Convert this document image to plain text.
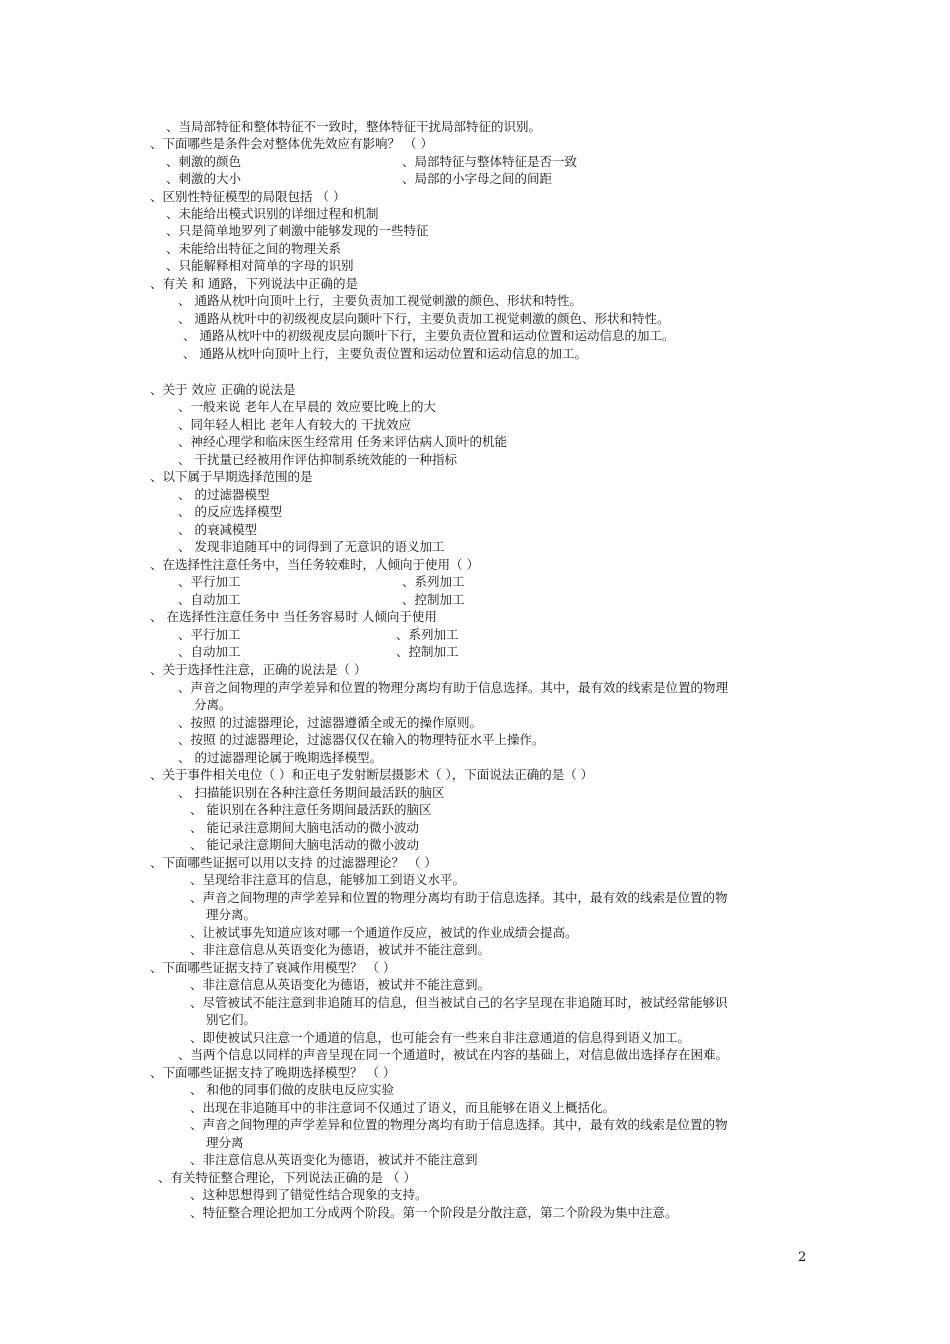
、当局部特征和整体特征不一致时，整体特征干扰局部特征的识别。
、下面哪些是条件会对整体优先效应有影响？ （ ）
、刺激的颜色	、局部特征与整体特征是否一致
、刺激的大小	、局部的小字母之间的间距
、区别性特征模型的局限包括 （ ）
、未能给出模式识别的详细过程和机制
、只是简单地罗列了刺激中能够发现的一些特征
、未能给出特征之间的物理关系
、只能解释相对简单的字母的识别
、有关 和 通路，下列说法中正确的是
、 通路从枕叶向顶叶上行，主要负责加工视觉刺激的颜色、形状和特性。
、 通路从枕叶中的初级视皮层向颞叶下行，主要负责加工视觉刺激的颜色、形状和特性。
、 通路从枕叶中的初级视皮层向颞叶下行，主要负责位置和运动位置和运动信息的加工。
、 通路从枕叶向顶叶上行，主要负责位置和运动位置和运动信息的加工。
、关于 效应 正确的说法是
、一般来说 老年人在早晨的 效应要比晚上的大
、同年轻人相比 老年人有较大的 干扰效应
、神经心理学和临床医生经常用 任务来评估病人顶叶的机能
、 干扰量已经被用作评估抑制系统效能的一种指标
、以下属于早期选择范围的是
、 的过滤器模型
、 的反应选择模型
、 的衰减模型
、 发现非追随耳中的词得到了无意识的语义加工
、在选择性注意任务中，当任务较难时，人倾向于使用（ ）
、平行加工	、系列加工
、自动加工	、控制加工
、 在选择性注意任务中 当任务容易时 人倾向于使用
、平行加工	、系列加工
、自动加工	、控制加工
、关于选择性注意，正确的说法是（ ）
、声音之间物理的声学差异和位置的物理分离均有助于信息选择。其中，最有效的线索是位置的物理
分离。
、按照 的过滤器理论，过滤器遵循全或无的操作原则。
、按照 的过滤器理论，过滤器仅仅在输入的物理特征水平上操作。
、 的过滤器理论属于晚期选择模型。
、关于事件相关电位（ ）和正电子发射断层摄影术（ ），下面说法正确的是（ ）
、 扫描能识别在各种注意任务期间最活跃的脑区
、 能识别在各种注意任务期间最活跃的脑区
、 能记录注意期间大脑电活动的微小波动
、 能记录注意期间大脑电活动的微小波动
、下面哪些证据可以用以支持 的过滤器理论？ （ ）
、呈现给非注意耳的信息，能够加工到语义水平。
、声音之间物理的声学差异和位置的物理分离均有助于信息选择。其中，最有效的线索是位置的物
理分离。
、让被试事先知道应该对哪一个通道作反应，被试的作业成绩会提高。
、非注意信息从英语变化为德语，被试并不能注意到。
、下面哪些证据支持了衰减作用模型？ （ ）
、非注意信息从英语变化为德语，被试并不能注意到。
、尽管被试不能注意到非追随耳的信息，但当被试自己的名字呈现在非追随耳时，被试经常能够识
别它们。
、即使被试只注意一个通道的信息，也可能会有一些来自非注意通道的信息得到语义加工。
、当两个信息以同样的声音呈现在同一个通道时，被试在内容的基础上，对信息做出选择存在困难。
、下面哪些证据支持了晚期选择模型？ （ ）
、 和他的同事们做的皮肤电反应实验
、出现在非追随耳中的非注意词不仅通过了语义，而且能够在语义上概括化。
、声音之间物理的声学差异和位置的物理分离均有助于信息选择。其中，最有效的线索是位置的物
理分离
、非注意信息从英语变化为德语，被试并不能注意到
、有关特征整合理论，下列说法正确的是 （ ）
、这种思想得到了错觉性结合现象的支持。
、特征整合理论把加工分成两个阶段。第一个阶段是分散注意，第二个阶段为集中注意。
2
